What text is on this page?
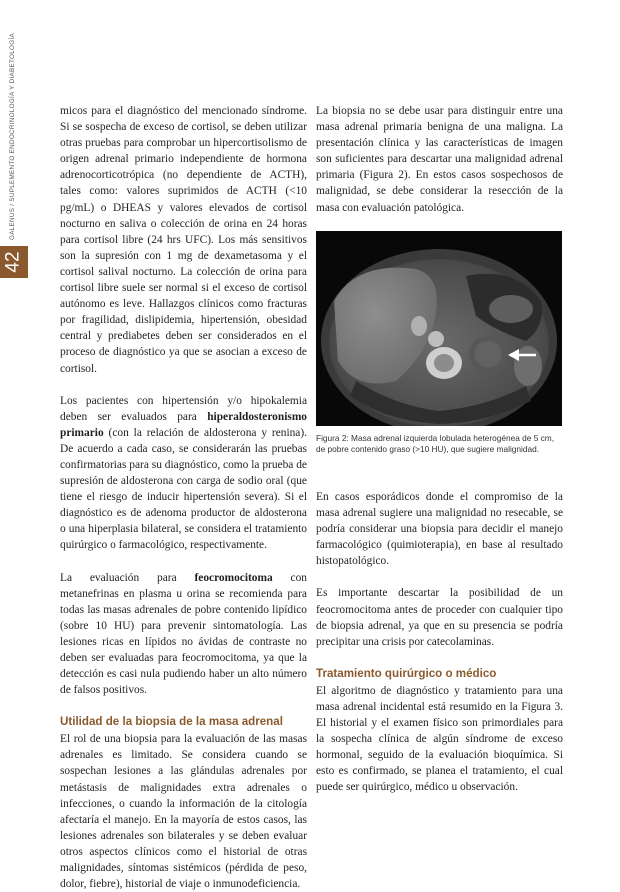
GALENUS / SUPLEMENTO ENDOCRINOLOGÍA Y DIABETOLOGÍA
42

micos para el diagnóstico del mencionado síndrome. Si se sospecha de exceso de cortisol, se deben utilizar otras pruebas para comprobar un hipercortisolismo de origen adrenal primario independiente de hormona adrenocorticotrópica (no dependiente de ACTH), tales como: valores suprimidos de ACTH (<10 pg/mL) o DHEAS y valores elevados de cortisol nocturno en saliva o colección de orina en 24 horas para cortisol libre (24 hrs UFC). Los más sensitivos son la supresión con 1 mg de dexametasoma y el cortisol salival nocturno. La colección de orina para cortisol libre suele ser normal si el exceso de cortisol autónomo es leve. Hallazgos clínicos como fracturas por fragilidad, dislipidemia, hipertensión, obesidad central y prediabetes deben ser considerados en el proceso de diagnóstico ya que se asocian a exceso de cortisol.

Los pacientes con hipertensión y/o hipokalemia deben ser evaluados para hiperaldosteronismo primario (con la relación de aldosterona y renina). De acuerdo a cada caso, se considerarán las pruebas confirmatorias para su diagnóstico, como la prueba de supresión de aldosterona con carga de sodio oral (que tiene el riesgo de inducir hipertensión severa). Si el diagnóstico es de adenoma productor de aldosterona o una hiperplasia bilateral, se considera el tratamiento quirúrgico o farmacológico, respectivamente.

La evaluación para feocromocitoma con metanefrinas en plasma u orina se recomienda para todas las masas adrenales de pobre contenido lipídico (sobre 10 HU) para prevenir sintomatología. Las lesiones ricas en lípidos no ávidas de contraste no deben ser evaluadas para feocromocitoma, ya que la detección es casi nula pudiendo haber un alto número de falsos positivos.

Utilidad de la biopsia de la masa adrenal

El rol de una biopsia para la evaluación de las masas adrenales es limitado. Se considera cuando se sospechan lesiones a las glándulas adrenales por metástasis de malignidades extra adrenales o infecciones, o cuando la información de la citología afectaría el manejo. En la mayoría de estos casos, las lesiones adrenales son bilaterales y se deben evaluar otros aspectos clínicos como el historial de otras malignidades, síntomas sistémicos (pérdida de peso, dolor, fiebre), historial de viaje o inmunodeficiencia.

La biopsia no se debe usar para distinguir entre una masa adrenal primaria benigna de una maligna. La presentación clínica y las características de imagen son suficientes para descartar una malignidad adrenal primaria (Figura 2). En estos casos sospechosos de malignidad, se debe considerar la resección de la masa con evaluación patológica.

Figura 2: Masa adrenal izquierda lobulada heterogénea de 5 cm, de pobre contenido graso (>10 HU), que sugiere malignidad.

En casos esporádicos donde el compromiso de la masa adrenal sugiere una malignidad no resecable, se podría considerar una biopsia para decidir el manejo farmacológico (quimioterapia), en base al resultado histopatológico.

Es importante descartar la posibilidad de un feocromocitoma antes de proceder con cualquier tipo de biopsia adrenal, ya que en su presencia se podría precipitar una crisis por catecolaminas.

Tratamiento quirúrgico o médico

El algoritmo de diagnóstico y tratamiento para una masa adrenal incidental está resumido en la Figura 3. El historial y el examen físico son primordiales para la sospecha clínica de algún síndrome de exceso hormonal, seguido de la evaluación bioquímica. Si esto es confirmado, se planea el tratamiento, el cual puede ser quirúrgico, médico u observación.
